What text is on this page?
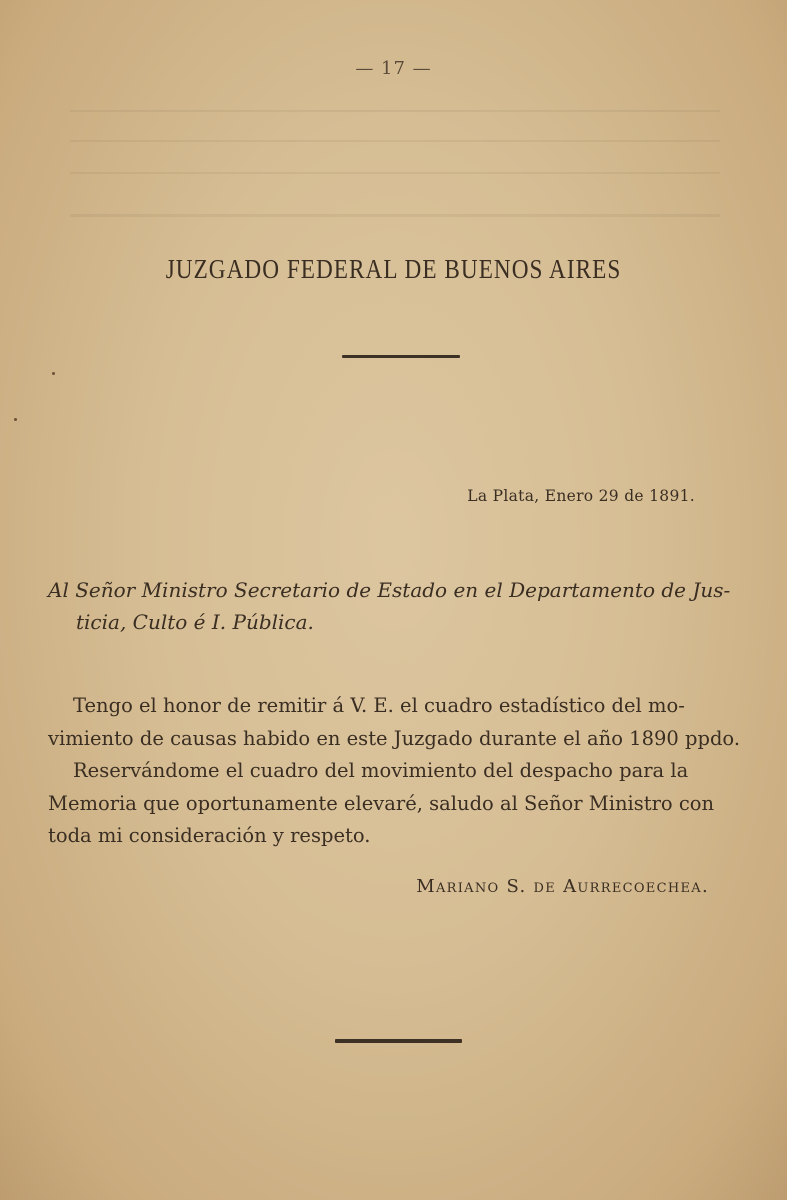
— 17 —
JUZGADO FEDERAL DE BUENOS AIRES
La Plata, Enero 29 de 1891.
Al Señor Ministro Secretario de Estado en el Departamento de Jus-
ticia, Culto é I. Pública.
Tengo el honor de remitir á V. E. el cuadro estadístico del mo-
vimiento de causas habido en este Juzgado durante el año 1890 ppdo.
Reservándome el cuadro del movimiento del despacho para la
Memoria que oportunamente elevaré, saludo al Señor Ministro con
toda mi consideración y respeto.
Mariano S. de Aurrecoechea.
